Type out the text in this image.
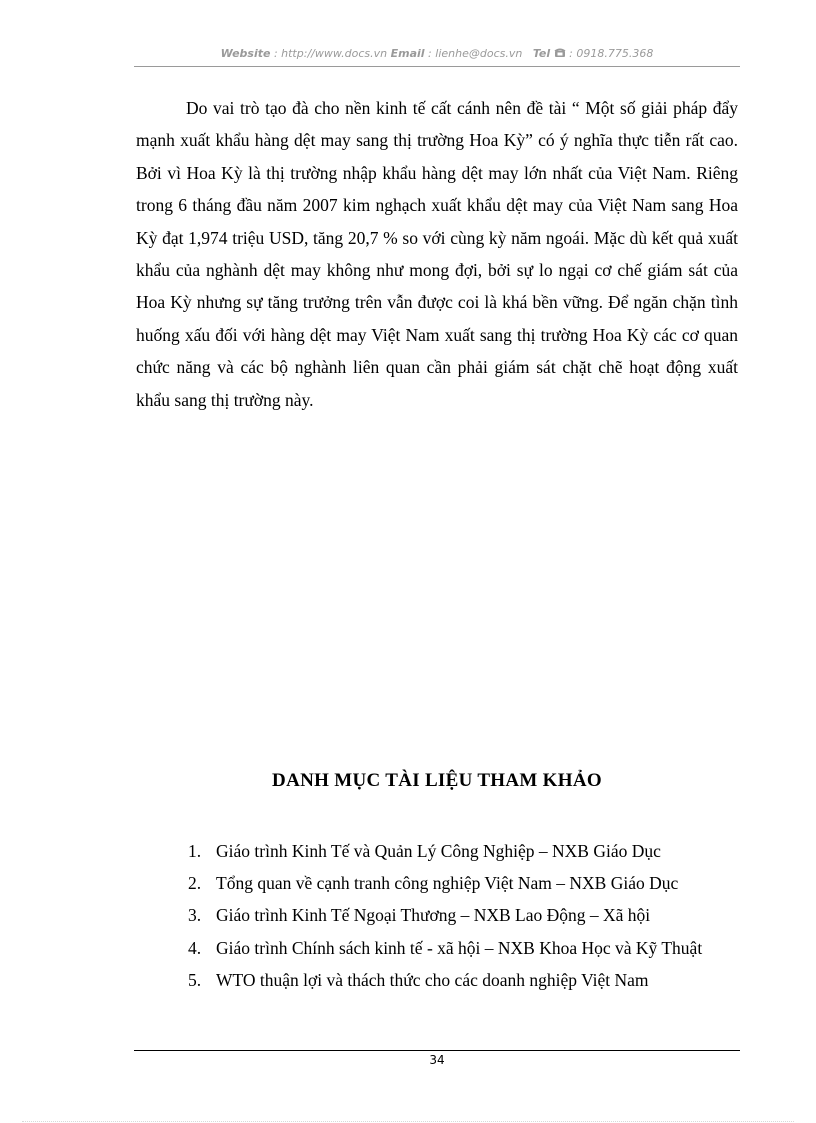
Website : http://www.docs.vn Email : lienhe@docs.vn Tel : 0918.775.368

Do vai trò tạo đà cho nền kinh tế cất cánh nên đề tài “ Một số giải pháp đẩy mạnh xuất khẩu hàng dệt may sang thị trường Hoa Kỳ” có ý nghĩa thực tiễn rất cao. Bởi vì Hoa Kỳ là thị trường nhập khẩu hàng dệt may lớn nhất của Việt Nam. Riêng trong 6 tháng đầu năm 2007 kim nghạch xuất khẩu dệt may của Việt Nam sang Hoa Kỳ đạt 1,974 triệu USD, tăng 20,7 % so với cùng kỳ năm ngoái. Mặc dù kết quả xuất khẩu của nghành dệt may không như mong đợi, bởi sự lo ngại cơ chế giám sát của Hoa Kỳ nhưng sự tăng trưởng trên vẫn được coi là khá bền vững. Để ngăn chặn tình huống xấu đối với hàng dệt may Việt Nam xuất sang thị trường Hoa Kỳ các cơ quan chức năng và các bộ nghành liên quan cần phải giám sát chặt chẽ hoạt động xuất khẩu sang thị trường này.

DANH MỤC TÀI LIỆU THAM KHẢO
1. Giáo trình Kinh Tế và Quản Lý Công Nghiệp – NXB Giáo Dục
2. Tổng quan về cạnh tranh công nghiệp Việt Nam – NXB Giáo Dục
3. Giáo trình Kinh Tế Ngoại Thương – NXB Lao Động – Xã hội
4. Giáo trình Chính sách kinh tế - xã hội – NXB Khoa Học và Kỹ Thuật
5. WTO thuận lợi và thách thức cho các doanh nghiệp Việt Nam
34
